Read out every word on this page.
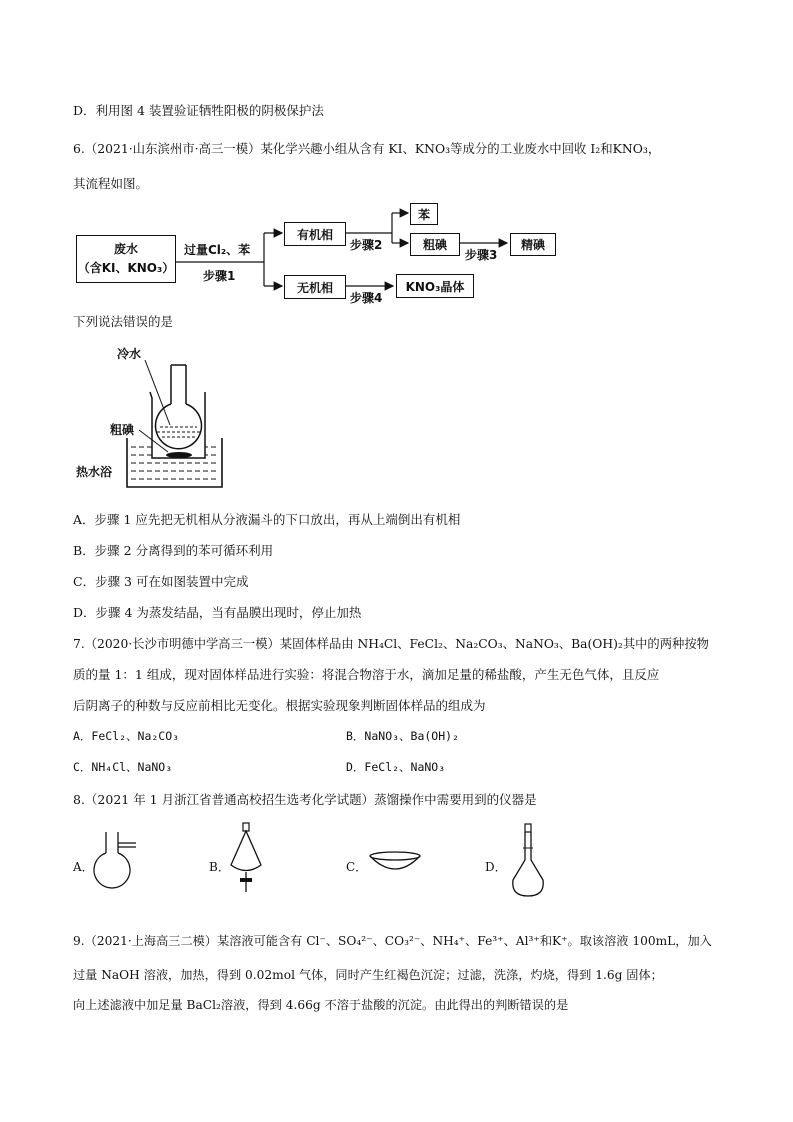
D．利用图 4 装置验证牺牲阳极的阴极保护法
6.（2021·山东滨州市·高三一模）某化学兴趣小组从含有 KI、KNO₃等成分的工业废水中回收 I₂和KNO₃，
其流程如图。
废水
（含KI、KNO₃）
过量Cl₂、苯
步骤1
有机相
无机相
步骤2
苯
粗碘
步骤3
精碘
步骤4
KNO₃晶体
下列说法错误的是
冷水
粗碘
热水浴
A．步骤 1 应先把无机相从分液漏斗的下口放出，再从上端倒出有机相
B．步骤 2 分离得到的苯可循环利用
C．步骤 3 可在如图装置中完成
D．步骤 4 为蒸发结晶，当有晶膜出现时，停止加热
7.（2020·长沙市明德中学高三一模）某固体样品由 NH₄Cl、FeCl₂、Na₂CO₃、NaNO₃、Ba(OH)₂其中的两种按物
质的量 1：1 组成，现对固体样品进行实验：将混合物溶于水，滴加足量的稀盐酸，产生无色气体，且反应
后阴离子的种数与反应前相比无变化。根据实验现象判断固体样品的组成为
A．FeCl₂、Na₂CO₃	B．NaNO₃、Ba(OH)₂
C．NH₄Cl、NaNO₃	D．FeCl₂、NaNO₃
8.（2021 年 1 月浙江省普通高校招生选考化学试题）蒸馏操作中需要用到的仪器是
A．	B．	C．	D．
9.（2021·上海高三二模）某溶液可能含有 Cl⁻、SO₄²⁻、CO₃²⁻、NH₄⁺、Fe³⁺、Al³⁺和K⁺。取该溶液 100mL，加入
过量 NaOH 溶液，加热，得到 0.02mol 气体，同时产生红褐色沉淀；过滤，洗涤，灼烧，得到 1.6g 固体；
向上述滤液中加足量 BaCl₂溶液，得到 4.66g 不溶于盐酸的沉淀。由此得出的判断错误的是
